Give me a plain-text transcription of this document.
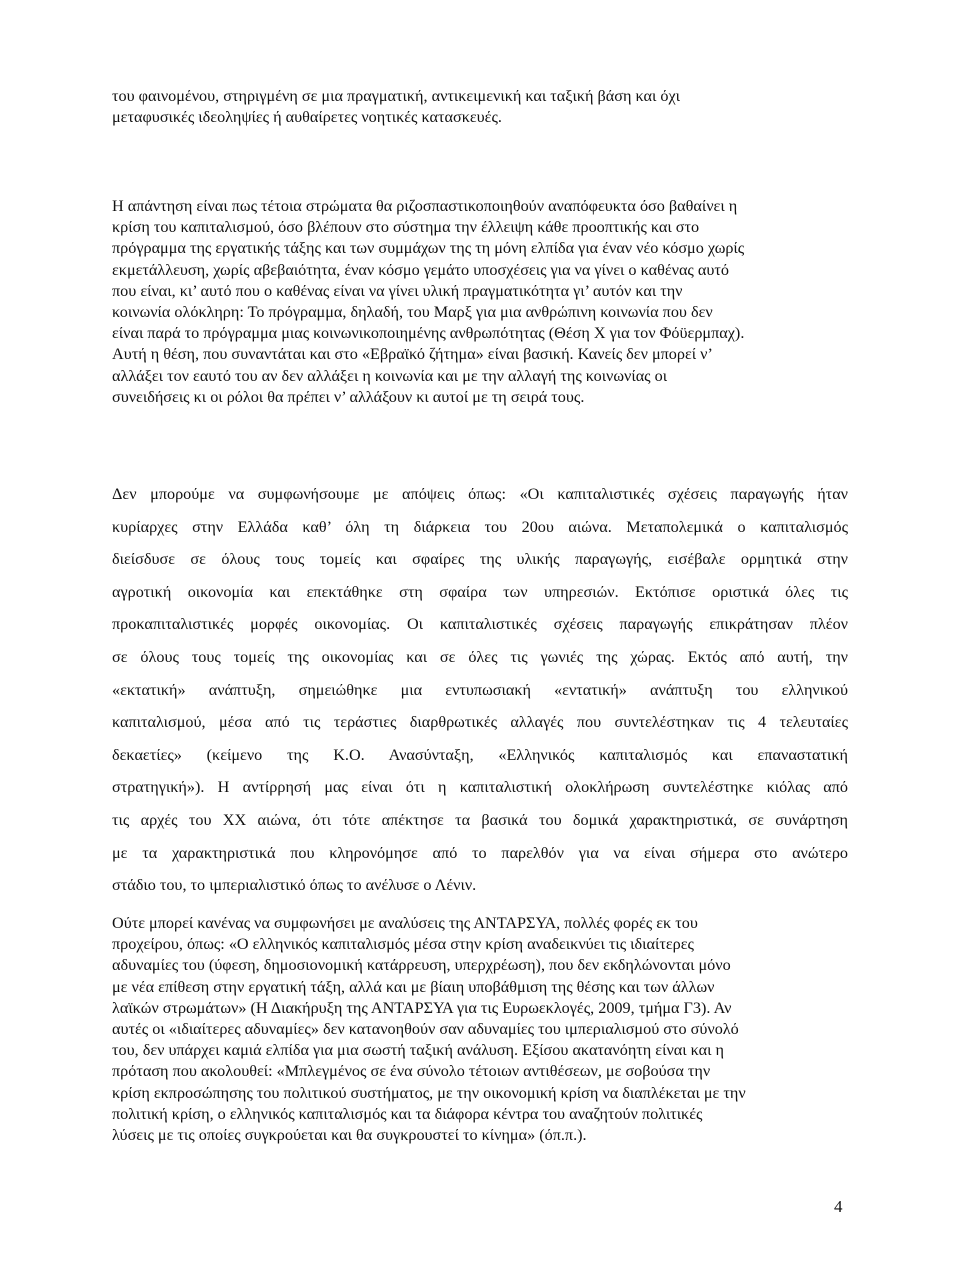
του φαινομένου, στηριγμένη σε μια πραγματική, αντικειμενική και ταξική βάση και όχι
μεταφυσικές ιδεοληψίες ή αυθαίρετες νοητικές κατασκευές.
Η απάντηση είναι πως τέτοια στρώματα θα ριζοσπαστικοποιηθούν αναπόφευκτα όσο βαθαίνει η
κρίση του καπιταλισμού, όσο βλέπουν στο σύστημα την έλλειψη κάθε προοπτικής και στο
πρόγραμμα της εργατικής τάξης και των συμμάχων της τη μόνη ελπίδα για έναν νέο κόσμο χωρίς
εκμετάλλευση, χωρίς αβεβαιότητα, έναν κόσμο γεμάτο υποσχέσεις για να γίνει ο καθένας αυτό
που είναι, κι’ αυτό που ο καθένας είναι να γίνει υλική πραγματικότητα γι’ αυτόν και την
κοινωνία ολόκληρη: Το πρόγραμμα, δηλαδή, του Μαρξ για μια ανθρώπινη κοινωνία που δεν
είναι παρά το πρόγραμμα μιας κοινωνικοποιημένης ανθρωπότητας (Θέση Χ για τον Φόϋερμπαχ).
Αυτή η θέση, που συναντάται και στο «Εβραϊκό ζήτημα» είναι βασική. Κανείς δεν μπορεί ν’
αλλάξει τον εαυτό του αν δεν αλλάξει η κοινωνία και με την αλλαγή της κοινωνίας οι
συνειδήσεις κι οι ρόλοι θα πρέπει ν’ αλλάξουν κι αυτοί με τη σειρά τους.
Δεν μπορούμε να συμφωνήσουμε με απόψεις όπως: «Οι καπιταλιστικές σχέσεις παραγωγής ήταν
κυρίαρχες στην Ελλάδα καθ’ όλη τη διάρκεια του 20ου αιώνα. Μεταπολεμικά ο καπιταλισμός
διείσδυσε σε όλους τους τομείς και σφαίρες της υλικής παραγωγής, εισέβαλε ορμητικά στην
αγροτική οικονομία και επεκτάθηκε στη σφαίρα των υπηρεσιών. Εκτόπισε οριστικά όλες τις
προκαπιταλιστικές μορφές οικονομίας. Οι καπιταλιστικές σχέσεις παραγωγής επικράτησαν πλέον
σε όλους τους τομείς της οικονομίας και σε όλες τις γωνιές της χώρας. Εκτός από αυτή, την
«εκτατική» ανάπτυξη, σημειώθηκε μια εντυπωσιακή «εντατική» ανάπτυξη του ελληνικού
καπιταλισμού, μέσα από τις τεράστιες διαρθρωτικές αλλαγές που συντελέστηκαν τις 4 τελευταίες
δεκαετίες» (κείμενο της Κ.Ο. Ανασύνταξη, «Ελληνικός καπιταλισμός και επαναστατική
στρατηγική»). Η αντίρρησή μας είναι ότι η καπιταλιστική ολοκλήρωση συντελέστηκε κιόλας από
τις αρχές του ΧΧ αιώνα, ότι τότε απέκτησε τα βασικά του δομικά χαρακτηριστικά, σε συνάρτηση
με τα χαρακτηριστικά που κληρονόμησε από το παρελθόν για να είναι σήμερα στο ανώτερο
στάδιο του, το ιμπεριαλιστικό όπως το ανέλυσε ο Λένιν.
Ούτε μπορεί κανένας να συμφωνήσει με αναλύσεις της ΑΝΤΑΡΣΥΑ, πολλές φορές εκ του
προχείρου, όπως: «Ο ελληνικός καπιταλισμός μέσα στην κρίση αναδεικνύει τις ιδιαίτερες
αδυναμίες του (ύφεση, δημοσιονομική κατάρρευση, υπερχρέωση), που δεν εκδηλώνονται μόνο
με νέα επίθεση στην εργατική τάξη, αλλά και με βίαιη υποβάθμιση της θέσης και των άλλων
λαϊκών στρωμάτων» (Η Διακήρυξη της ΑΝΤΑΡΣΥΑ για τις Ευρωεκλογές, 2009, τμήμα Γ3). Αν
αυτές οι «ιδιαίτερες αδυναμίες» δεν κατανοηθούν σαν αδυναμίες του ιμπεριαλισμού στο σύνολό
του, δεν υπάρχει καμιά ελπίδα για μια σωστή ταξική ανάλυση. Εξίσου ακατανόητη είναι και η
πρόταση που ακολουθεί: «Μπλεγμένος σε ένα σύνολο τέτοιων αντιθέσεων, με σοβούσα την
κρίση εκπροσώπησης του πολιτικού συστήματος, με την οικονομική κρίση να διαπλέκεται με την
πολιτική κρίση, ο ελληνικός καπιταλισμός και τα διάφορα κέντρα του αναζητούν πολιτικές
λύσεις με τις οποίες συγκρούεται και θα συγκρουστεί το κίνημα» (όπ.π.).
4
